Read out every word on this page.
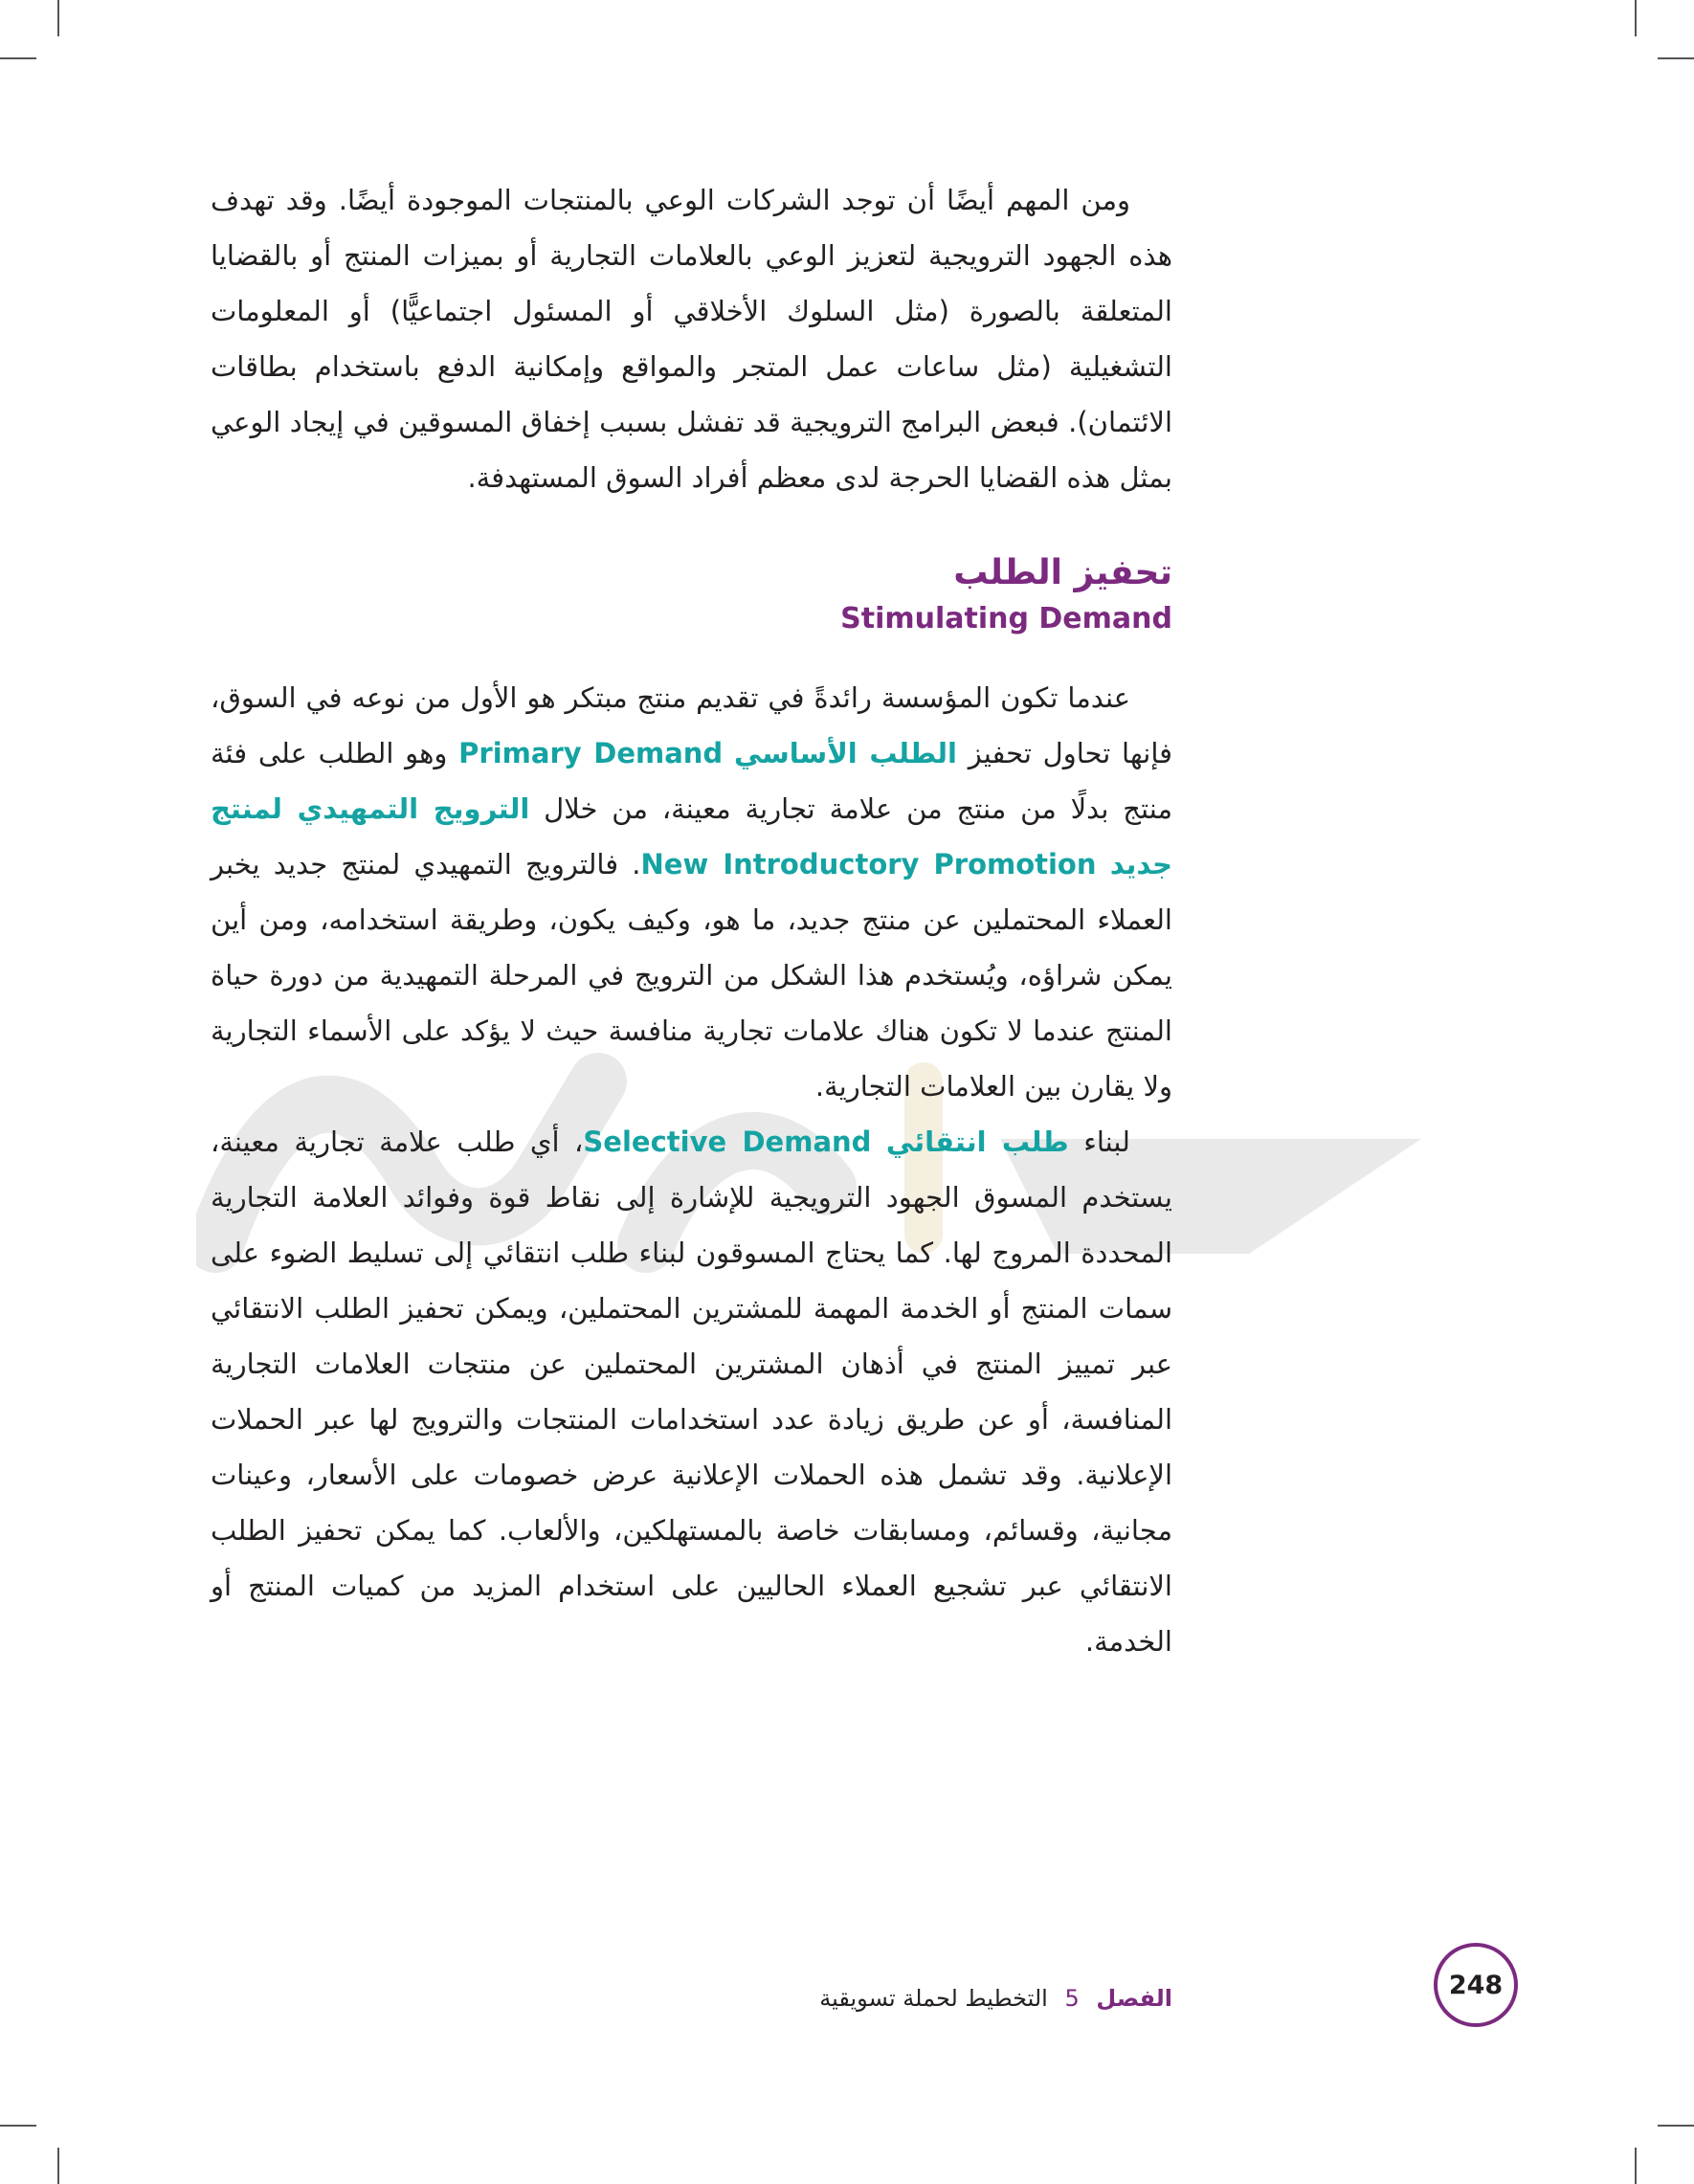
ومن المهم أيضًا أن توجد الشركات الوعي بالمنتجات الموجودة أيضًا. وقد تهدف هذه الجهود الترويجية لتعزيز الوعي بالعلامات التجارية أو بميزات المنتج أو بالقضايا المتعلقة بالصورة (مثل السلوك الأخلاقي أو المسئول اجتماعيًّا) أو المعلومات التشغيلية (مثل ساعات عمل المتجر والمواقع وإمكانية الدفع باستخدام بطاقات الائتمان). فبعض البرامج الترويجية قد تفشل بسبب إخفاق المسوقين في إيجاد الوعي بمثل هذه القضايا الحرجة لدى معظم أفراد السوق المستهدفة.

تحفيز الطلب
Stimulating Demand

عندما تكون المؤسسة رائدةً في تقديم منتج مبتكر هو الأول من نوعه في السوق، فإنها تحاول تحفيز الطلب الأساسي Primary Demand وهو الطلب على فئة منتج بدلًا من منتج من علامة تجارية معينة، من خلال الترويج التمهيدي لمنتج جديد New Introductory Promotion. فالترويج التمهيدي لمنتج جديد يخبر العملاء المحتملين عن منتج جديد، ما هو، وكيف يكون، وطريقة استخدامه، ومن أين يمكن شراؤه، ويُستخدم هذا الشكل من الترويج في المرحلة التمهيدية من دورة حياة المنتج عندما لا تكون هناك علامات تجارية منافسة حيث لا يؤكد على الأسماء التجارية ولا يقارن بين العلامات التجارية.

لبناء طلب انتقائي Selective Demand، أي طلب علامة تجارية معينة، يستخدم المسوق الجهود الترويجية للإشارة إلى نقاط قوة وفوائد العلامة التجارية المحددة المروج لها. كما يحتاج المسوقون لبناء طلب انتقائي إلى تسليط الضوء على سمات المنتج أو الخدمة المهمة للمشترين المحتملين، ويمكن تحفيز الطلب الانتقائي عبر تمييز المنتج في أذهان المشترين المحتملين عن منتجات العلامات التجارية المنافسة، أو عن طريق زيادة عدد استخدامات المنتجات والترويج لها عبر الحملات الإعلانية. وقد تشمل هذه الحملات الإعلانية عرض خصومات على الأسعار، وعينات مجانية، وقسائم، ومسابقات خاصة بالمستهلكين، والألعاب. كما يمكن تحفيز الطلب الانتقائي عبر تشجيع العملاء الحاليين على استخدام المزيد من كميات المنتج أو الخدمة.

الفصل 5 التخطيط لحملة تسويقية	248
